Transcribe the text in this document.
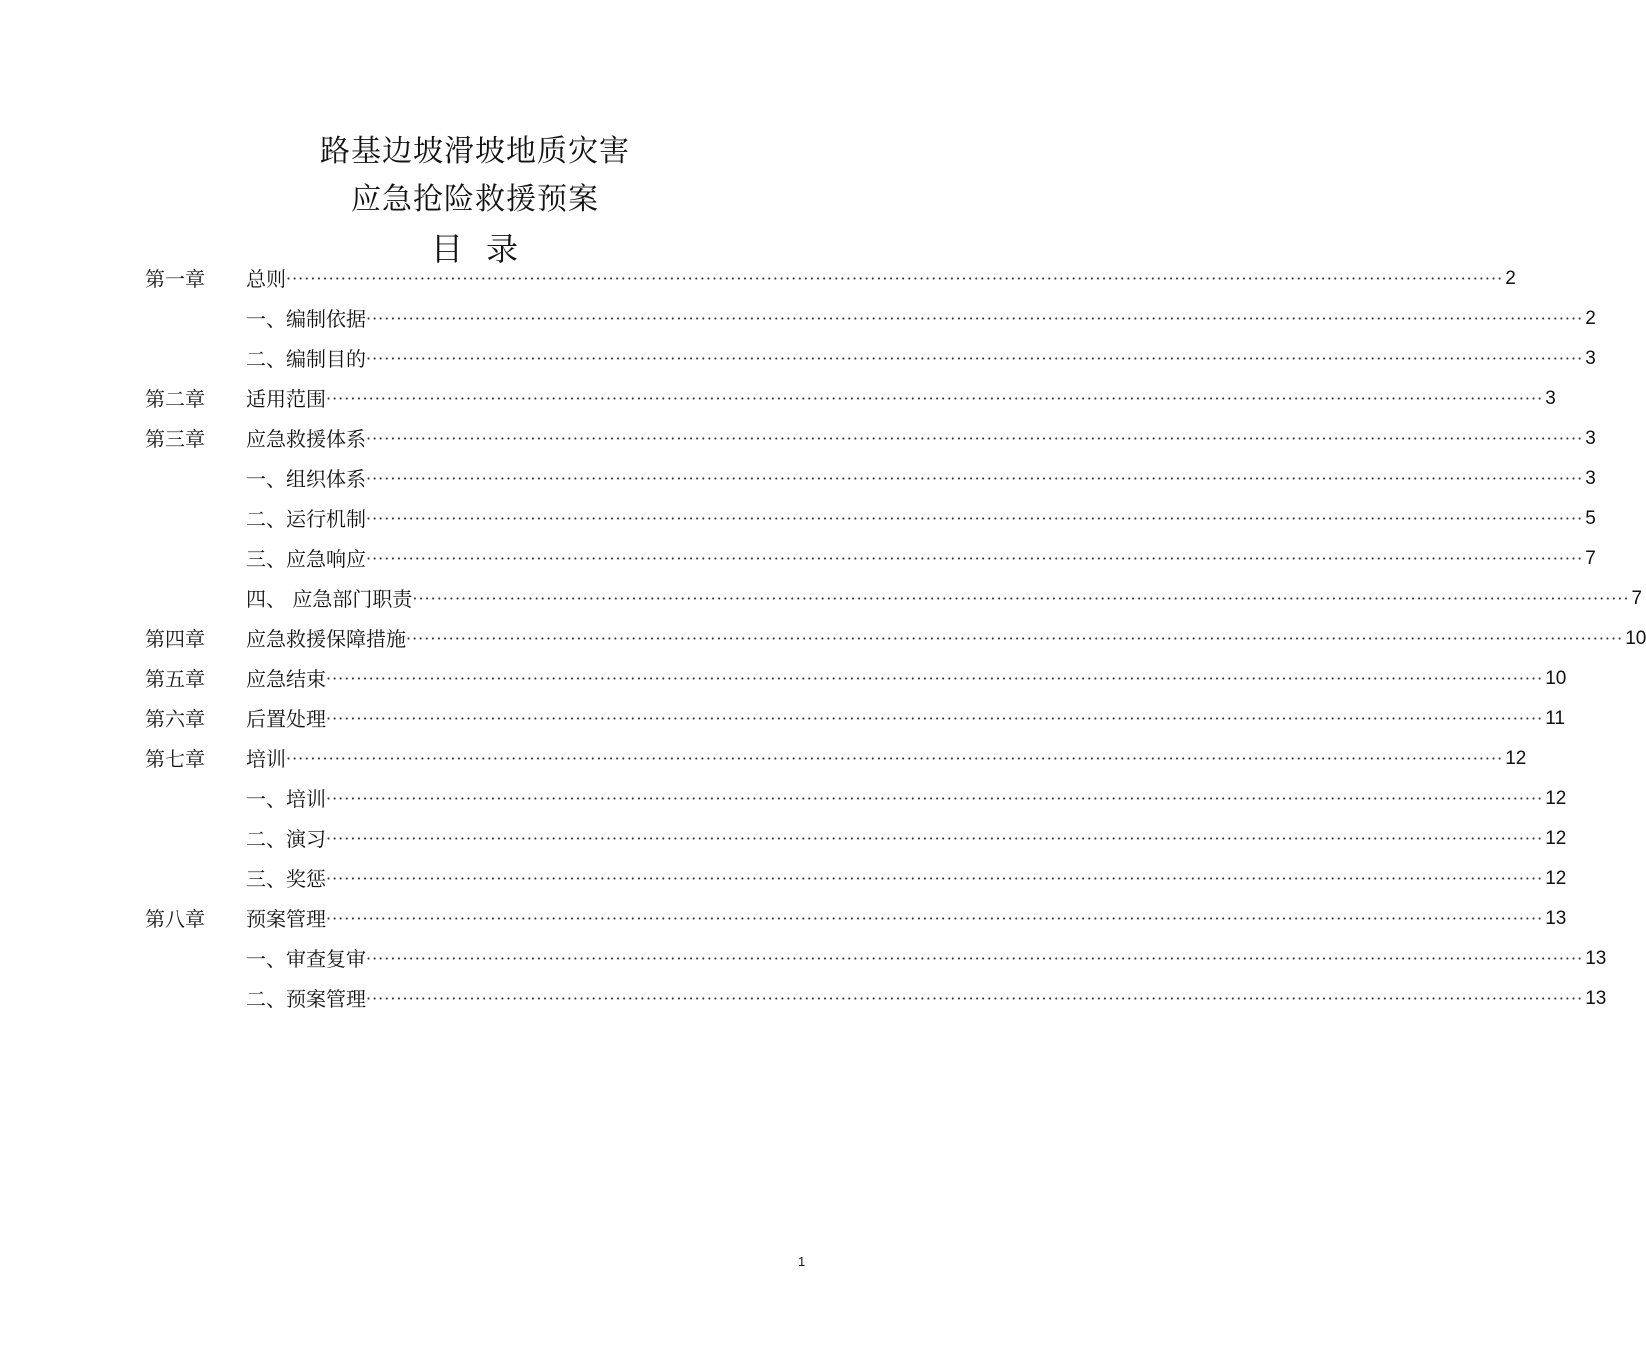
路基边坡滑坡地质灾害
应急抢险救援预案
目  录
第一章 总则 ········································································································································································································ 2
一、编制依据 ········································································································································································································ 2
二、编制目的 ········································································································································································································ 3
第二章 适用范围 ········································································································································································································ 3
第三章 应急救援体系 ········································································································································································································ 3
一、组织体系 ········································································································································································································ 3
二、运行机制 ········································································································································································································ 5
三、应急响应 ········································································································································································································ 7
四、 应急部门职责 ········································································································································································································ 7
第四章 应急救援保障措施 ········································································································································································································ 10
第五章 应急结束 ········································································································································································································ 10
第六章 后置处理 ········································································································································································································ 11
第七章 培训 ········································································································································································································ 12
一、培训 ········································································································································································································ 12
二、演习 ········································································································································································································ 12
三、奖惩 ········································································································································································································ 12
第八章 预案管理 ········································································································································································································ 13
一、审查复审 ········································································································································································································ 13
二、预案管理 ········································································································································································································ 13
1
